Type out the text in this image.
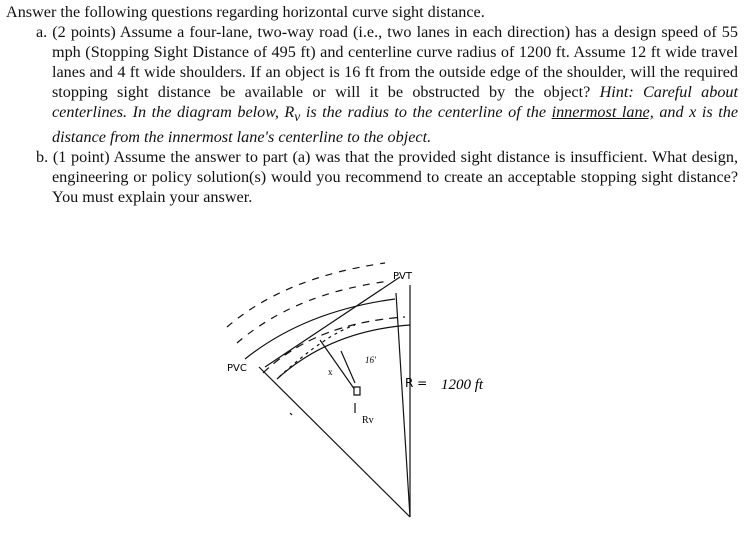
Answer the following questions regarding horizontal curve sight distance.

a. (2 points) Assume a four-lane, two-way road (i.e., two lanes in each direction) has a design speed of 55 mph (Stopping Sight Distance of 495 ft) and centerline curve radius of 1200 ft. Assume 12 ft wide travel lanes and 4 ft wide shoulders. If an object is 16 ft from the outside edge of the shoulder, will the required stopping sight distance be available or will it be obstructed by the object? Hint: Careful about centerlines. In the diagram below, $R_v$ is the radius to the centerline of the innermost lane, and x is the distance from the innermost lane's centerline to the object.

b. (1 point) Assume the answer to part (a) was that the provided sight distance is insufficient. What design, engineering or policy solution(s) would you recommend to create an acceptable stopping sight distance? You must explain your answer.

PVC
PVT
16'
x
Rv
R = 1200 ft
